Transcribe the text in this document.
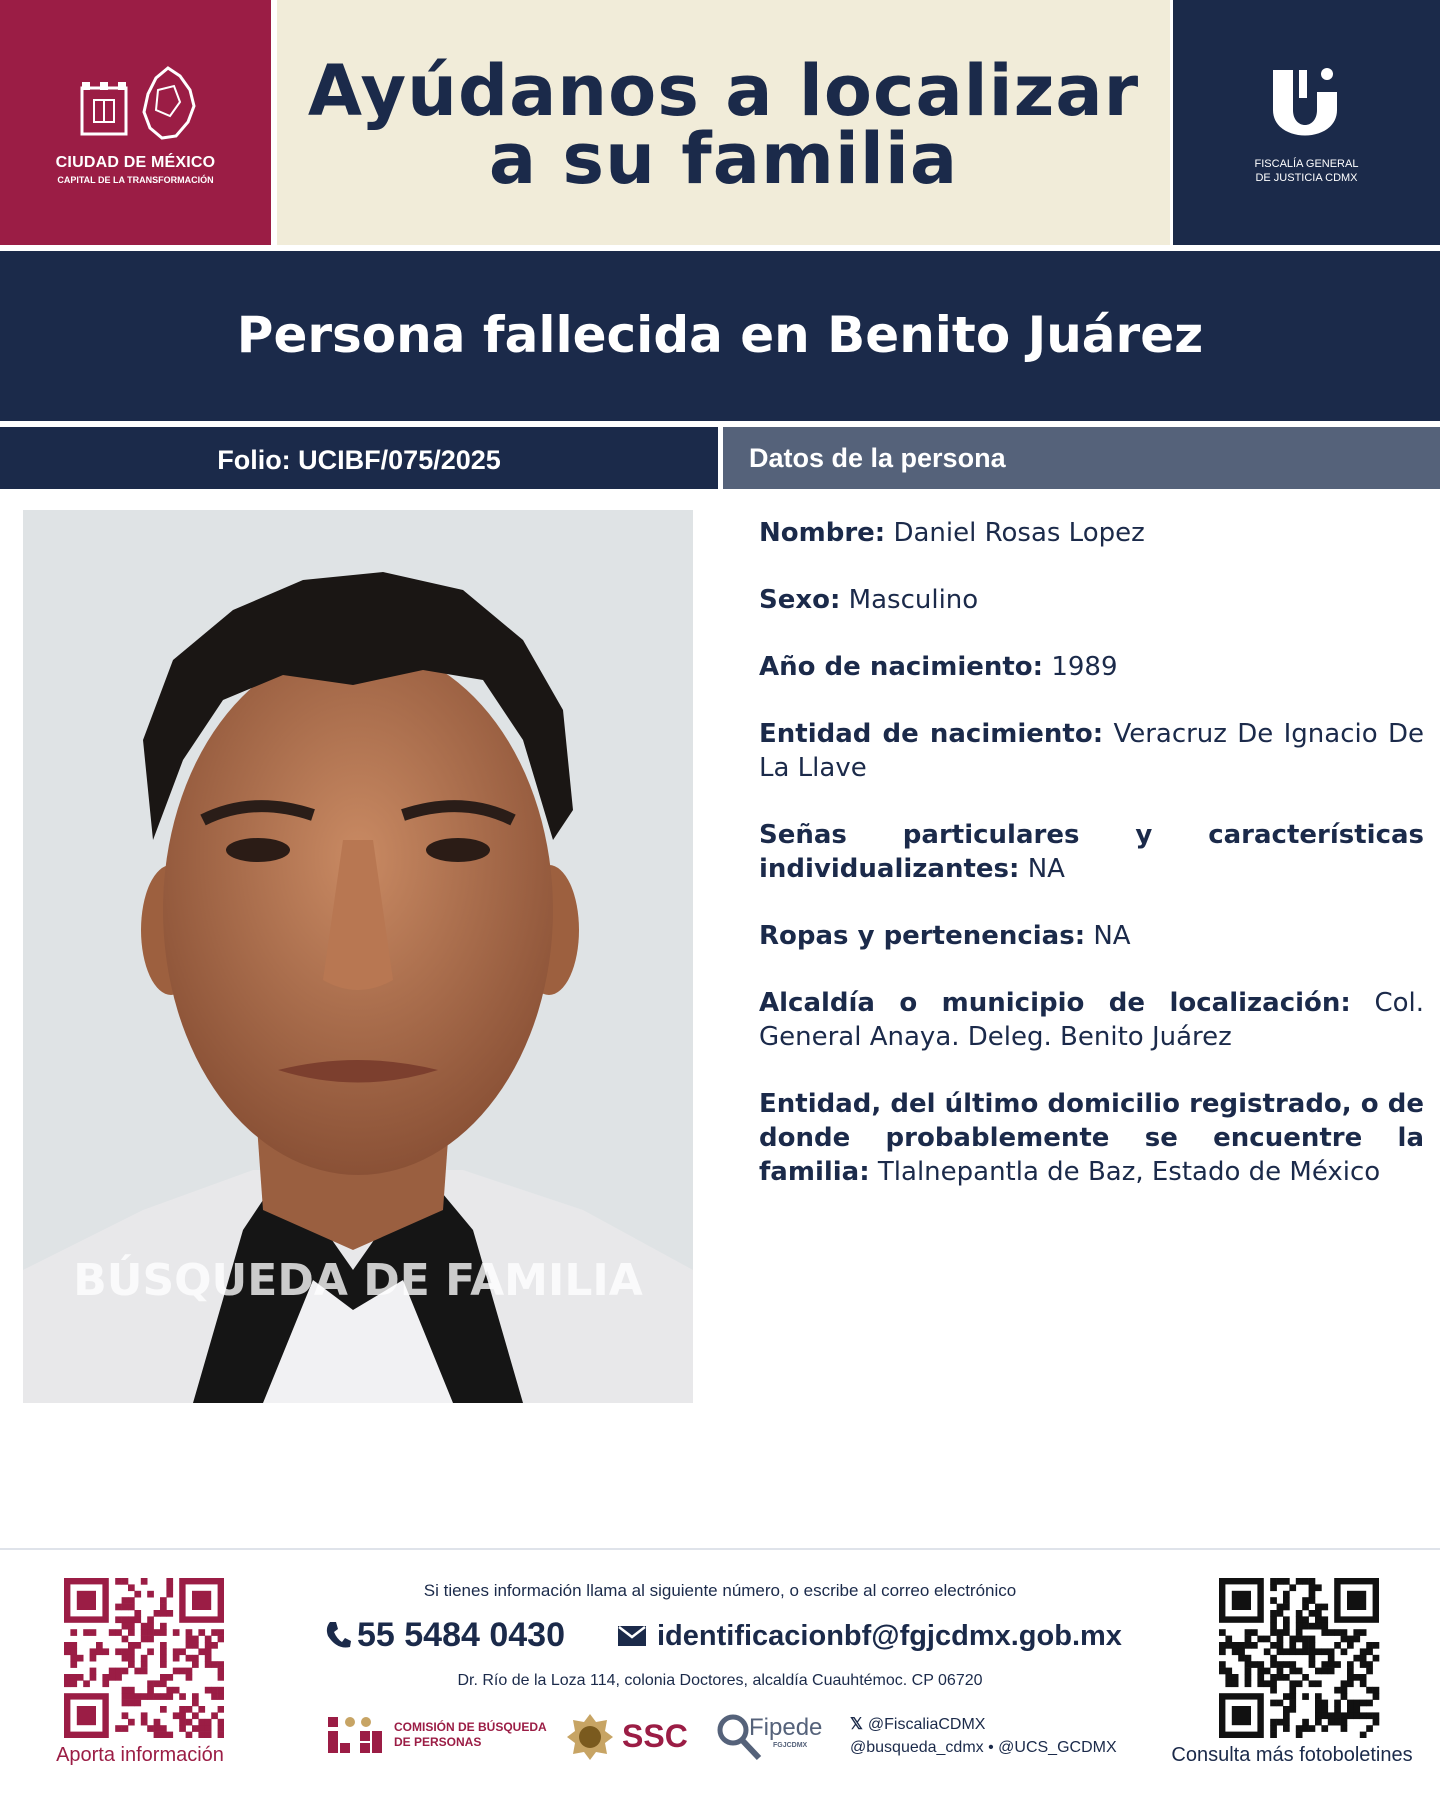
CIUDAD DE MÉXICO
CAPITAL DE LA TRANSFORMACIÓN
Ayúdanos a localizar
a su familia	FISCALÍA GENERAL
DE JUSTICIA CDMX
Persona fallecida en Benito Juárez
Folio: UCIBF/075/2025	Datos de la persona
BÚSQUEDA DE FAMILIA
Nombre: Daniel Rosas Lopez
Sexo: Masculino
Año de nacimiento: 1989
Entidad de nacimiento: Veracruz De Ignacio De La Llave
Señas particulares y características individualizantes: NA
Ropas y pertenencias: NA
Alcaldía o municipio de localización: Col. General Anaya. Deleg. Benito Juárez
Entidad, del último domicilio registrado, o de donde probablemente se encuentre la familia: Tlalnepantla de Baz, Estado de México
Aporta información	Consulta más fotoboletines
Si tienes información llama al siguiente número, o escribe al correo electrónico
55 5484 0430	identificacionbf@fgjcdmx.gob.mx
Dr. Río de la Loza 114, colonia Doctores, alcaldía Cuauhtémoc. CP 06720
COMISIÓN DE BÚSQUEDA DE PERSONAS	SSC	Fipede
FGJCDMX
𝕏 @FiscaliaCDMX
@busqueda_cdmx • @UCS_GCDMX
